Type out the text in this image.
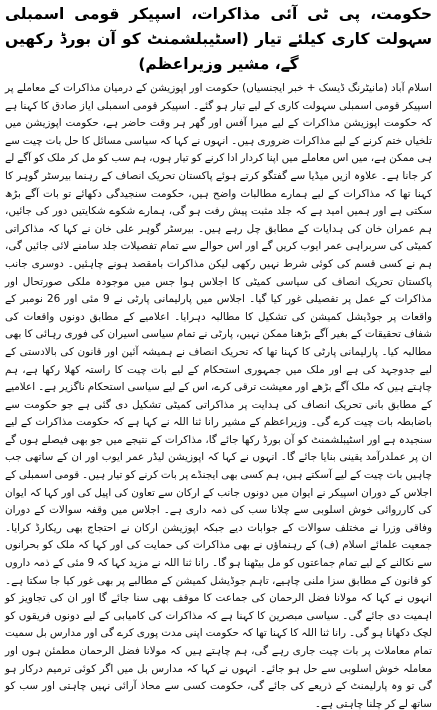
حکومت، پی ٹی آئی مذاکرات، اسپیکر قومی اسمبلی سہولت کاری کیلئے تیار (اسٹیبلشمنٹ کو آن بورڈ رکھیں گے، مشیر وزیراعظم)

اسلام آباد (مانیٹرنگ ڈیسک + خبر ایجنسیاں) حکومت اور اپوزیشن کے درمیان مذاکرات کے معاملے پر اسپیکر قومی اسمبلی سہولت کاری کے لیے تیار ہو گئے۔ اسپیکر قومی اسمبلی ایاز صادق کا کہنا ہے کہ حکومت اپوزیشن مذاکرات کے لیے میرا آفس اور گھر ہر وقت حاضر ہے، حکومت اپوزیشن میں تلخیاں ختم کرنے کے لیے مذاکرات ضروری ہیں۔ انہوں نے کہا کہ سیاسی مسائل کا حل بات چیت سے ہی ممکن ہے، میں اس معاملے میں اپنا کردار ادا کرنے کو تیار ہوں، ہم سب کو مل کر ملک کو آگے لے کر جانا ہے۔ علاوہ ازیں میڈیا سے گفتگو کرتے ہوئے پاکستان تحریک انصاف کے رہنما بیرسٹر گوہر کا کہنا تھا کہ مذاکرات کے لیے ہمارے مطالبات واضح ہیں، حکومت سنجیدگی دکھائے تو بات آگے بڑھ سکتی ہے اور ہمیں امید ہے کہ جلد مثبت پیش رفت ہو گی، ہمارے شکوے شکایتیں دور کی جائیں، ہم عمران خان کی ہدایات کے مطابق چل رہے ہیں۔ بیرسٹر گوہر علی خان نے کہا کہ مذاکراتی کمیٹی کی سربراہی عمر ایوب کریں گے اور اس حوالے سے تمام تفصیلات جلد سامنے لائی جائیں گی، ہم نے کسی قسم کی کوئی شرط نہیں رکھی لیکن مذاکرات بامقصد ہونے چاہئیں۔ دوسری جانب پاکستان تحریک انصاف کی سیاسی کمیٹی کا اجلاس ہوا جس میں موجودہ ملکی صورتحال اور مذاکرات کے عمل پر تفصیلی غور کیا گیا۔ اجلاس میں پارلیمانی پارٹی نے 9 مئی اور 26 نومبر کے واقعات پر جوڈیشل کمیشن کی تشکیل کا مطالبہ دہرایا۔ اعلامیے کے مطابق دونوں واقعات کی شفاف تحقیقات کے بغیر آگے بڑھنا ممکن نہیں، پارٹی نے تمام سیاسی اسیران کی فوری رہائی کا بھی مطالبہ کیا۔ پارلیمانی پارٹی کا کہنا تھا کہ تحریک انصاف نے ہمیشہ آئین اور قانون کی بالادستی کے لیے جدوجہد کی ہے اور ملک میں جمہوری استحکام کے لیے بات چیت کا راستہ کھلا رکھا ہے، ہم چاہتے ہیں کہ ملک آگے بڑھے اور معیشت ترقی کرے، اس کے لیے سیاسی استحکام ناگزیر ہے۔ اعلامیے کے مطابق بانی تحریک انصاف کی ہدایت پر مذاکراتی کمیٹی تشکیل دی گئی ہے جو حکومت سے باضابطہ بات چیت کرے گی۔ وزیراعظم کے مشیر رانا ثنا اللہ نے کہا ہے کہ حکومت مذاکرات کے لیے سنجیدہ ہے اور اسٹیبلشمنٹ کو آن بورڈ رکھا جائے گا، مذاکرات کے نتیجے میں جو بھی فیصلے ہوں گے ان پر عملدرآمد یقینی بنایا جائے گا۔ انہوں نے کہا کہ اپوزیشن لیڈر عمر ایوب اور ان کے ساتھی جب چاہیں بات چیت کے لیے آسکتے ہیں، ہم کسی بھی ایجنڈے پر بات کرنے کو تیار ہیں۔ قومی اسمبلی کے اجلاس کے دوران اسپیکر نے ایوان میں دونوں جانب کے ارکان سے تعاون کی اپیل کی اور کہا کہ ایوان کی کارروائی خوش اسلوبی سے چلانا سب کی ذمہ داری ہے۔ اجلاس میں وقفہ سوالات کے دوران وفاقی وزرا نے مختلف سوالات کے جوابات دیے جبکہ اپوزیشن ارکان نے احتجاج بھی ریکارڈ کرایا۔ جمعیت علمائے اسلام (ف) کے رہنماؤں نے بھی مذاکرات کی حمایت کی اور کہا کہ ملک کو بحرانوں سے نکالنے کے لیے تمام جماعتوں کو مل بیٹھنا ہو گا۔ رانا ثنا اللہ نے مزید کہا کہ 9 مئی کے ذمہ داروں کو قانون کے مطابق سزا ملنی چاہیے، تاہم جوڈیشل کمیشن کے مطالبے پر بھی غور کیا جا سکتا ہے۔ انہوں نے کہا کہ مولانا فضل الرحمان کی جماعت کا موقف بھی سنا جائے گا اور ان کی تجاویز کو اہمیت دی جائے گی۔ سیاسی مبصرین کا کہنا ہے کہ مذاکرات کی کامیابی کے لیے دونوں فریقوں کو لچک دکھانا ہو گی۔ رانا ثنا اللہ کا کہنا تھا کہ حکومت اپنی مدت پوری کرے گی اور مدارس بل سمیت تمام معاملات پر بات چیت جاری رہے گی، ہم چاہتے ہیں کہ مولانا فضل الرحمان مطمئن ہوں اور معاملہ خوش اسلوبی سے حل ہو جائے۔ انہوں نے کہا کہ مدارس بل میں اگر کوئی ترمیم درکار ہو گی تو وہ پارلیمنٹ کے ذریعے کی جائے گی، حکومت کسی سے محاذ آرائی نہیں چاہتی اور سب کو ساتھ لے کر چلنا چاہتی ہے۔
